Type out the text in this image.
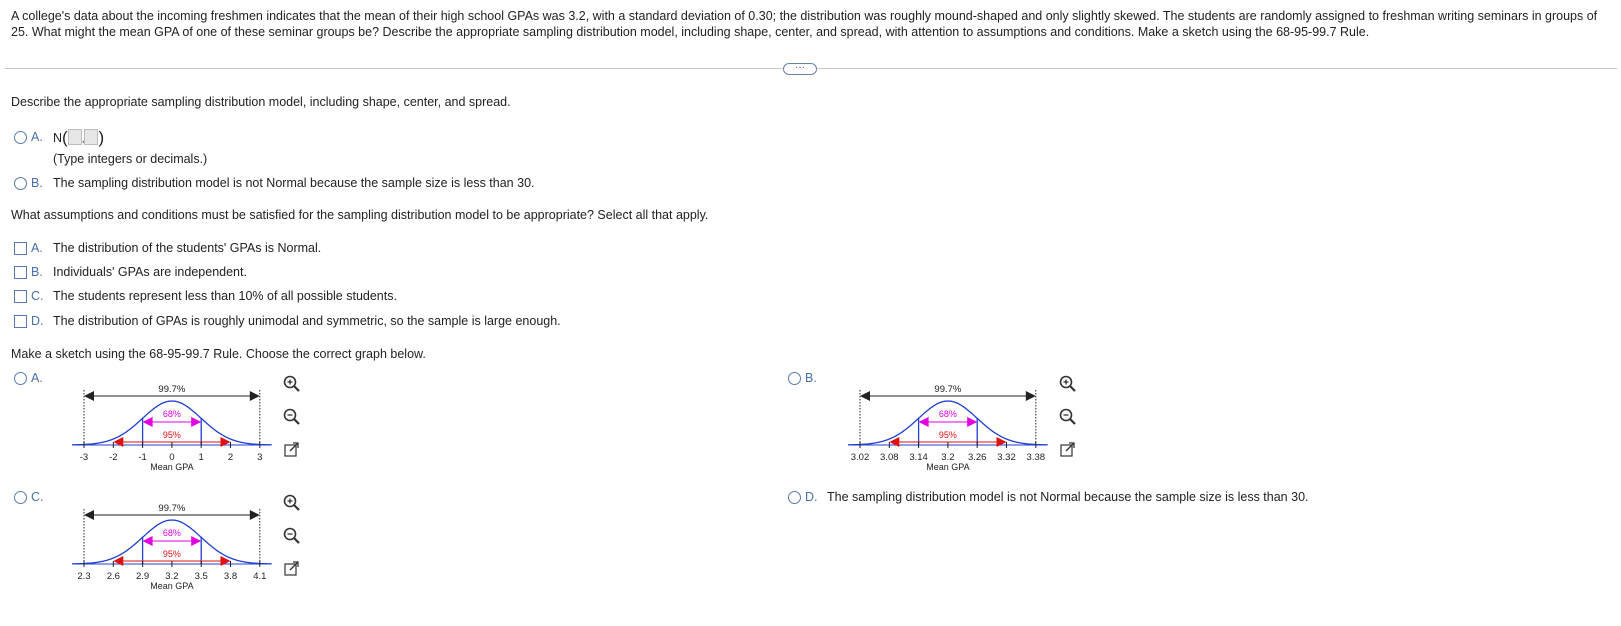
A college's data about the incoming freshmen indicates that the mean of their high school GPAs was 3.2, with a standard deviation of 0.30; the distribution was roughly mound-shaped and only slightly skewed. The students are randomly assigned to freshman writing seminars in groups of 25. What might the mean GPA of one of these seminar groups be? Describe the appropriate sampling distribution model, including shape, center, and spread, with attention to assumptions and conditions. Make a sketch using the 68-95-99.7 Rule.
···
Describe the appropriate sampling distribution model, including shape, center, and spread.
A. N( , )
(Type integers or decimals.)
B. The sampling distribution model is not Normal because the sample size is less than 30.
What assumptions and conditions must be satisfied for the sampling distribution model to be appropriate? Select all that apply.
A. The distribution of the students' GPAs is Normal.
B. Individuals' GPAs are independent.
C. The students represent less than 10% of all possible students.
D. The distribution of GPAs is roughly unimodal and symmetric, so the sample is large enough.
Make a sketch using the 68-95-99.7 Rule. Choose the correct graph below.
A.
C.
B.
D. The sampling distribution model is not Normal because the sample size is less than 30.
99.7%
68%
95%
-3 -2 -1 0	1	2	3
Mean GPA
99.7%
68%
95%
3.02 3.08 3.14 3.2 3.26 3.32 3.38
Mean GPA
99.7%
68%
95%
2.3 2.6 2.9 3.2 3.5 3.8 4.1
Mean GPA
